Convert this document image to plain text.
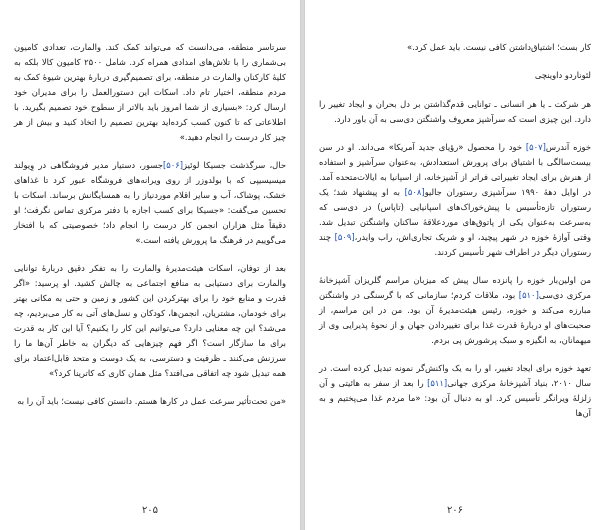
سرتاسر منطقه، می‌دانست که می‌تواند کمک کند. والمارت، تعدادی کامیون بی‌شماری را با تلاش‌های امدادی همراه کرد. شامل ۲۵۰۰ کامیون کالا بلکه به کلیهٔ کارکنان والمارت در منطقه، برای تصمیم‌گیری دربارهٔ بهترین شیوهٔ کمک به مردم منطقه، اختیار تام داد. اسکات این دستورالعمل را برای مدیران خود ارسال کرد: «بسیاری از شما امروز باید بالاتر از سطوح خود تصمیم بگیرید. با اطلاعاتی که تا کنون کسب کرده‌اید بهترین تصمیم را اتخاذ کنید و بیش از هر چیز کار درست را انجام دهید.»

حال، سرگذشت جسیکا لوئیز[۵۰۶]جسور، دستیار مدیر فروشگاهی در وِیولند میسیسیپی که با بولدوزر از روی ویرانه‌های فروشگاه عبور کرد تا غذاهای خشک، پوشاک، آب و سایر اقلام موردنیاز را به همسایگانش برساند. اسکات با تحسین می‌گفت: «جسیکا برای کسب اجازه با دفتر مرکزی تماس نگرفت؛ او دقیقاً مثل هزاران انجمن کار درست را انجام داد؛ خصوصیتی که با افتخار می‌گوییم در فرهنگ ما پرورش یافته است.»

بعد از توفان، اسکات هیئت‌مدیرهٔ والمارت را به تفکر دقیق دربارهٔ توانایی والمارت برای دستیابی به منافع اجتماعی به چالش کشید. او پرسید: «اگر قدرت و منابع خود را برای بهترکردن این کشور و زمین و حتی به مکانی بهتر برای خودمان، مشتریان، انجمن‌ها، کودکان و نسل‌های آتی به کار می‌بردیم، چه می‌شد؟ این چه معنایی دارد؟ می‌توانیم این کار را یکنیم؟ آیا این کار به قدرت برای ما سازگار است؟ اگر فهم چیزهایی که دیگران به خاطر آن‌ها ما را سرزنش می‌کنند ـ ظرفیت و دسترسی، به یک دوست و متحد قابل‌اعتماد برای همه تبدیل شود چه اتفاقی می‌افتد؟ مثل همان کاری که کاترینا کرد؟»

«من تحت‌تأثیر سرعت عمل در کارها هستم. دانستن کافی نیست؛ باید آن را به

۲۰۵

کار بست؛ اشتیاق‌داشتن کافی نیست. باید عمل کرد.»

لئوناردو داوینچی

هر شرکت ـ یا هر انسانی ـ توانایی قدم‌گذاشتن بر دل بحران و ایجاد تغییر را دارد. این چیزی است که سرآشپز معروف واشنگتن دی‌سی به آن باور دارد.

خوزه آندرس[۵۰۷] خود را محصول «رؤیای جدید آمریکا» می‌داند. او در سن بیست‌سالگی با اشتیاق برای پرورش استعدادش، به‌عنوان سرآشپز و استفاده از هنرش برای ایجاد تغییراتی فراتر از آشپزخانه، از اسپانیا به ایالات‌متحده آمد. در اوایل دههٔ ۱۹۹۰ سرآشپزی رستوران جالیو[۵۰۸] به او پیشنهاد شد؛ یک رستوران تازه‌تأسیس با پیش‌خوراک‌های اسپانیایی (تاپاس) در دی‌سی که به‌سرعت به‌عنوان یکی از پاتوق‌های موردعلاقهٔ ساکنان واشنگتن تبدیل شد. وقتی آوازهٔ خوزه در شهر پیچید، او و شریک تجاری‌اش، راب وایدر،[۵۰۹] چند رستوران دیگر در اطراف شهر تأسیس کردند.

من اولین‌بار خوزه را پانزده سال پیش که میزبان مراسم گلریزان آشپزخانهٔ مرکزی دی‌سی[۵۱۰] بود، ملاقات کردم؛ سازمانی که با گرسنگی در واشنگتن مبارزه می‌کند و خوزه، رئیس هیئت‌مدیرهٔ آن بود. من در این مراسم، از صحبت‌های او دربارهٔ قدرت غذا برای تغییردادن جهان و از نحوهٔ پذیرایی وی از میهمانان، به انگیزه و سبک پرشورش پی بردم.

تعهد خوزه برای ایجاد تغییر، او را به یک واکنش‌گر نمونه تبدیل کرده است. در سال ۲۰۱۰، بنیاد آشپزخانهٔ مرکزی جهانی[۵۱۱] را بعد از سفر به هائیتی و آن زلزلهٔ ویرانگر تأسیس کرد. او به دنبال آن بود: «ما مردم غذا می‌پختیم و به آن‌ها

۲۰۶
